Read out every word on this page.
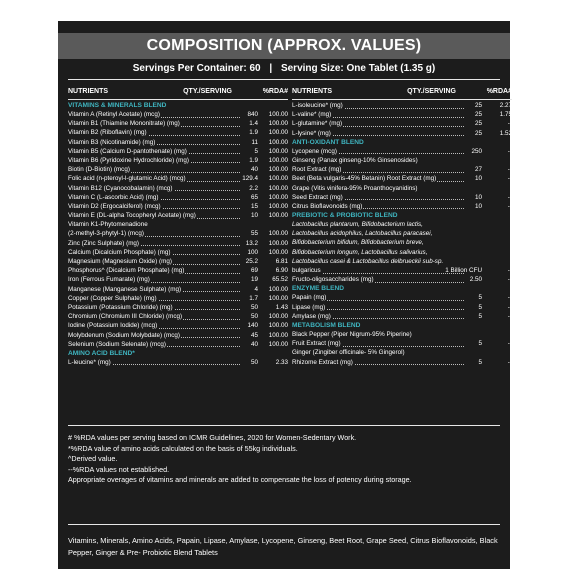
COMPOSITION (APPROX. VALUES)
Servings Per Container: 60 | Serving Size: One Tablet (1.35 g)
NUTRIENTS	QTY./SERVING	%RDA#
VITAMINS & MINERALS BLEND
Vitamin A (Retinyl Acetate) (mcg)	840	100.00
Vitamin B1 (Thiamine Mononitrate) (mg)	1.4	100.00
Vitamin B2 (Riboflavin) (mg)	1.9	100.00
Vitamin B3 (Nicotinamide) (mg)	11	100.00
Vitamin B5 (Calcium D-pantothenate) (mg)	5	100.00
Vitamin B6 (Pyridoxine Hydrochloride) (mg)	1.9	100.00
Biotin (D-Biotin) (mcg)	40	100.00
Folic acid (n-pteroyl-l-glutamic Acid) (mcg)	129.4	100.00
Vitamin B12 (Cyanocobalamin) (mcg)	2.2	100.00
Vitamin C (L-ascorbic Acid) (mg)	65	100.00
Vitamin D2 (Ergocalciferol) (mcg)	15	100.00
Vitamin E (DL-alpha Tocopheryl Acetate) (mg)	10	100.00
Vitamin K1-Phytomenadione
(2-methyl-3-phytyl-1) (mcg)	55	100.00
Zinc (Zinc Sulphate) (mg)	13.2	100.00
Calcium (Dicalcium Phosphate) (mg)	100	100.00
Magnesium (Magnesium Oxide) (mg)	25.2	6.81
Phosphorus^ (Dicalcium Phosphate) (mg)	69	6.90
Iron (Ferrous Fumarate) (mg)	19	65.52
Manganese (Manganese Sulphate) (mg)	4	100.00
Copper (Copper Sulphate) (mg)	1.7	100.00
Potassium (Potassium Chloride) (mg)	50	1.43
Chromium (Chromium III Chloride) (mcg)	50	100.00
Iodine (Potassium Iodide) (mcg)	140	100.00
Molybdenum (Sodium Molybdate) (mcg)	45	100.00
Selenium (Sodium Selenate) (mcg)	40	100.00
AMINO ACID BLEND*
L-leucine* (mg)	50	2.33
NUTRIENTS	QTY./SERVING	%RDA#
L-isoleucine* (mg)	25	2.27
L-valine* (mg)	25	1.75
L-glutamine* (mg)	25	--
L-lysine* (mg)	25	1.52
ANTI-OXIDANT BLEND
Lycopene (mcg)	250	--
Ginseng (Panax ginseng-10% Ginsenosides)
Root Extract (mg)	27	--
Beet (Beta vulgaris-45% Betanin) Root Extract (mg)	10	--
Grape (Vitis vinifera-95% Proanthocyanidins)
Seed Extract (mg)	10	--
Citrus Bioflavonoids (mg)	10	--
PREBIOTIC & PROBIOTIC BLEND
Lactobacillus plantarum, Bifidobacterium lactis,
Lactobacillus acidophilus, Lactobacillus paracasei,
Bifidobacterium bifidum, Bifidobacterium breve,
Bifidobacterium longum, Lactobacillus salivarius,
Lactobacillus casei & Lactobacillus delbrueckii sub-sp.
bulgaricus	1 Billion CFU	--
Fructo-oligosaccharides (mg)	2.50	--
ENZYME BLEND
Papain (mg)	5	--
Lipase (mg)	5	--
Amylase (mg)	5	--
METABOLISM BLEND
Black Pepper (Piper Nigrum-95% Piperine)
Fruit Extract (mg)	5	--
Ginger (Zingiber officinale- 5% Gingerol)
Rhizome Extract (mg)	5	--
# %RDA values per serving based on ICMR Guidelines, 2020 for Women-Sedentary Work.
*%RDA value of amino acids calculated on the basis of 55kg individuals.
^Derived value.
--%RDA values not established.
Appropriate overages of vitamins and minerals are added to compensate the loss of potency during storage.
Vitamins, Minerals, Amino Acids, Papain, Lipase, Amylase, Lycopene, Ginseng, Beet Root, Grape Seed, Citrus Bioflavonoids, Black Pepper, Ginger & Pre- Probiotic Blend Tablets
